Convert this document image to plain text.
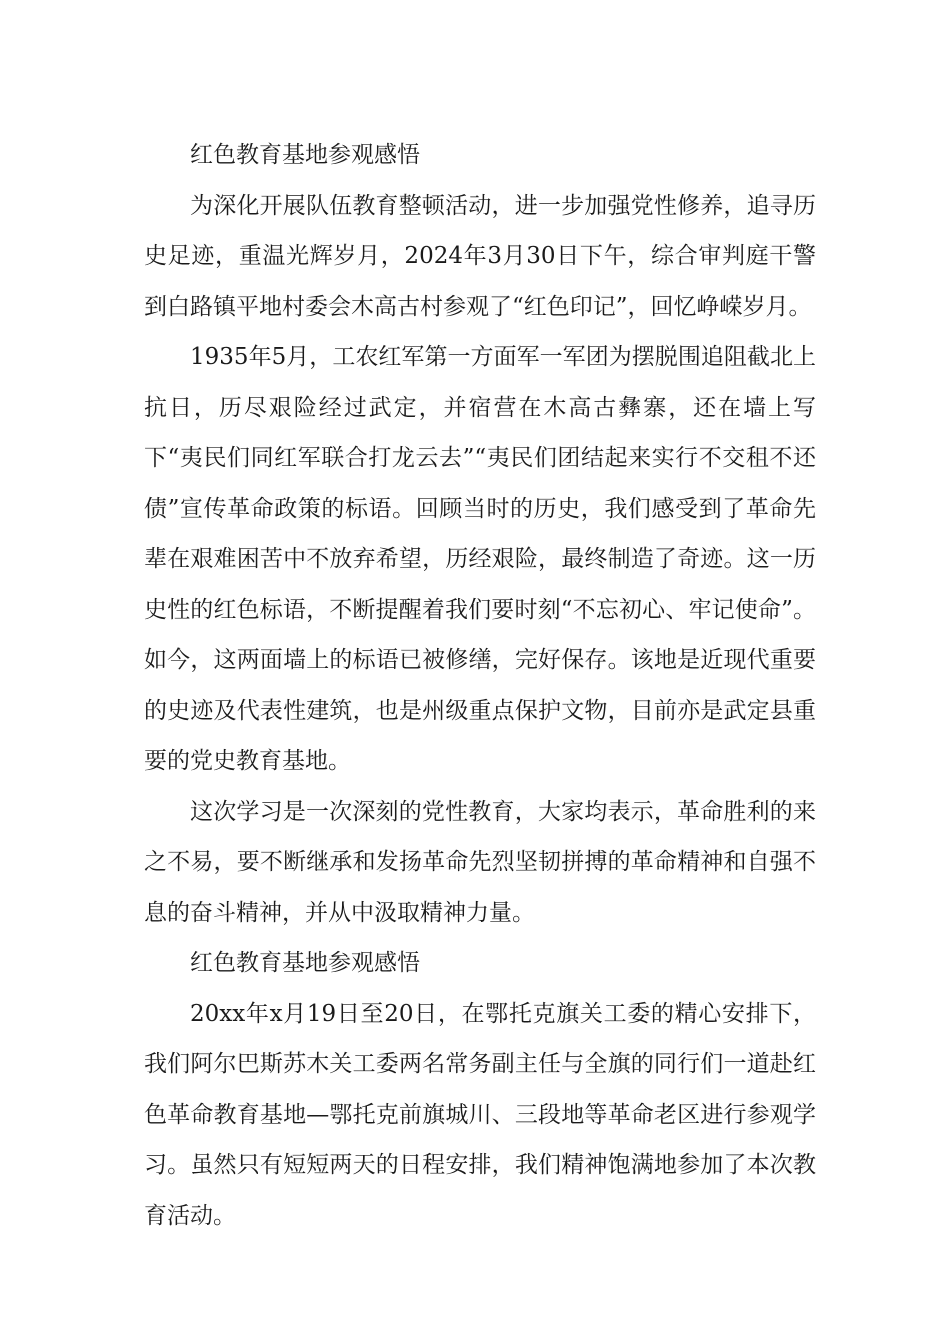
红色教育基地参观感悟

为深化开展队伍教育整顿活动，进一步加强党性修养，追寻历史足迹，重温光辉岁月，2024年3月30日下午，综合审判庭干警到白路镇平地村委会木高古村参观了“红色印记”，回忆峥嵘岁月。

1935年5月，工农红军第一方面军一军团为摆脱围追阻截北上抗日，历尽艰险经过武定，并宿营在木高古彝寨，还在墙上写下“夷民们同红军联合打龙云去”“夷民们团结起来实行不交租不还债”宣传革命政策的标语。回顾当时的历史，我们感受到了革命先辈在艰难困苦中不放弃希望，历经艰险，最终制造了奇迹。这一历史性的红色标语，不断提醒着我们要时刻“不忘初心、牢记使命”。如今，这两面墙上的标语已被修缮，完好保存。该地是近现代重要的史迹及代表性建筑，也是州级重点保护文物，目前亦是武定县重要的党史教育基地。

这次学习是一次深刻的党性教育，大家均表示，革命胜利的来之不易，要不断继承和发扬革命先烈坚韧拼搏的革命精神和自强不息的奋斗精神，并从中汲取精神力量。

红色教育基地参观感悟

20xx年x月19日至20日，在鄂托克旗关工委的精心安排下，我们阿尔巴斯苏木关工委两名常务副主任与全旗的同行们一道赴红色革命教育基地—鄂托克前旗城川、三段地等革命老区进行参观学习。虽然只有短短两天的日程安排，我们精神饱满地参加了本次教育活动。
